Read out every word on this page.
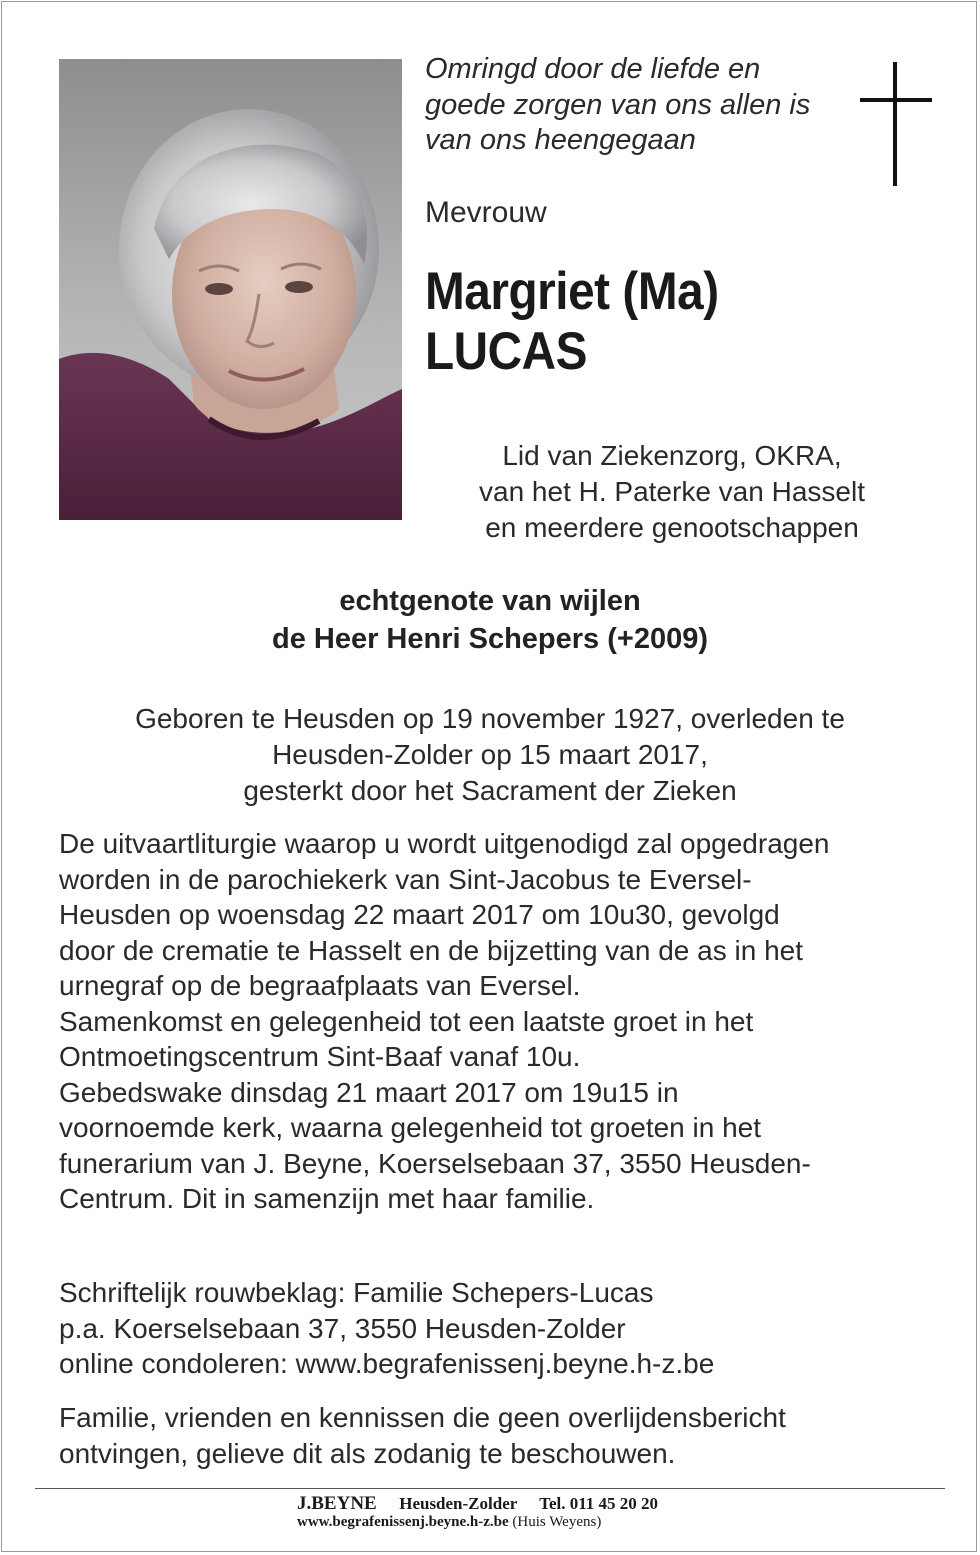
Omringd door de liefde en
goede zorgen van ons allen is
van ons heengegaan
Mevrouw
Margriet (Ma)
LUCAS
Lid van Ziekenzorg, OKRA,
van het H. Paterke van Hasselt
en meerdere genootschappen
echtgenote van wijlen
de Heer Henri Schepers (+2009)
Geboren te Heusden op 19 november 1927, overleden te
Heusden-Zolder op 15 maart 2017,
gesterkt door het Sacrament der Zieken
De uitvaartliturgie waarop u wordt uitgenodigd zal opgedragen
worden in de parochiekerk van Sint-Jacobus te Eversel-
Heusden op woensdag 22 maart 2017 om 10u30, gevolgd
door de crematie te Hasselt en de bijzetting van de as in het
urnegraf op de begraafplaats van Eversel.
Samenkomst en gelegenheid tot een laatste groet in het
Ontmoetingscentrum Sint-Baaf vanaf 10u.
Gebedswake dinsdag 21 maart 2017 om 19u15 in
voornoemde kerk, waarna gelegenheid tot groeten in het
funerarium van J. Beyne, Koerselsebaan 37, 3550 Heusden-
Centrum. Dit in samenzijn met haar familie.
Schriftelijk rouwbeklag: Familie Schepers-Lucas
p.a. Koerselsebaan 37, 3550 Heusden-Zolder
online condoleren: www.begrafenissenj.beyne.h-z.be
Familie, vrienden en kennissen die geen overlijdensbericht
ontvingen, gelieve dit als zodanig te beschouwen.
J.BEYNE Heusden-Zolder Tel. 011 45 20 20
www.begrafenissenj.beyne.h-z.be (Huis Weyens)
